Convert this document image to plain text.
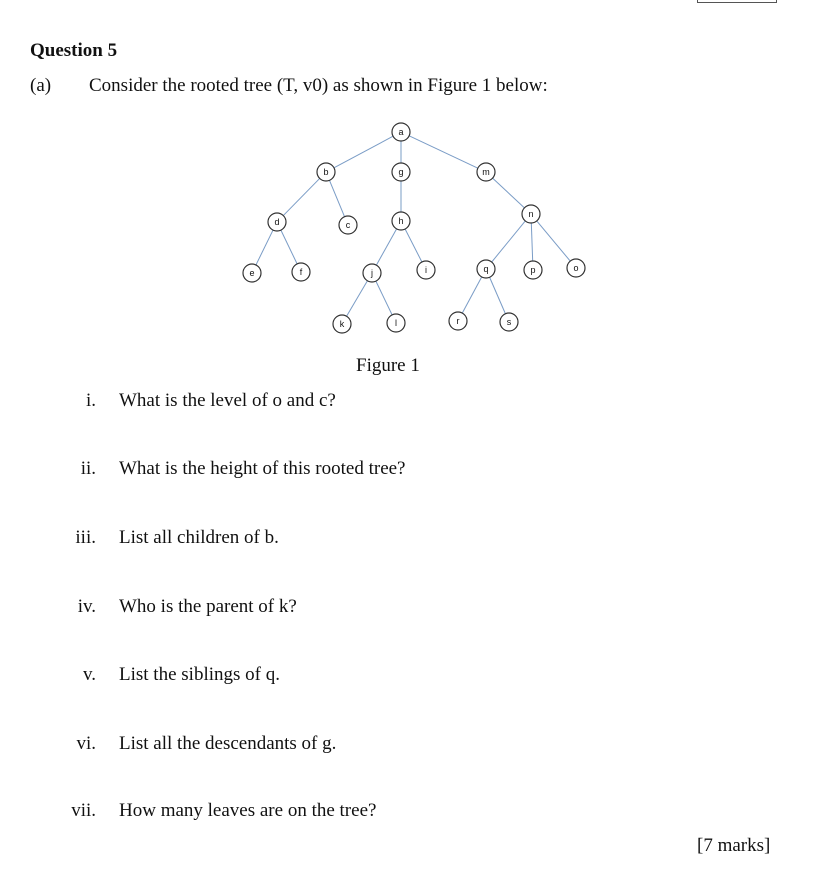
Question 5
(a) Consider the rooted tree (T, v0) as shown in Figure 1 below:
a
b	g	m
d	c	h
n
e	f	j	i	q	p	o
k	l	r	s
Figure 1
i. What is the level of o and c?
ii. What is the height of this rooted tree?
iii. List all children of b.
iv. Who is the parent of k?
v. List the siblings of q.
vi. List all the descendants of g.
vii. How many leaves are on the tree?
[7 marks]
